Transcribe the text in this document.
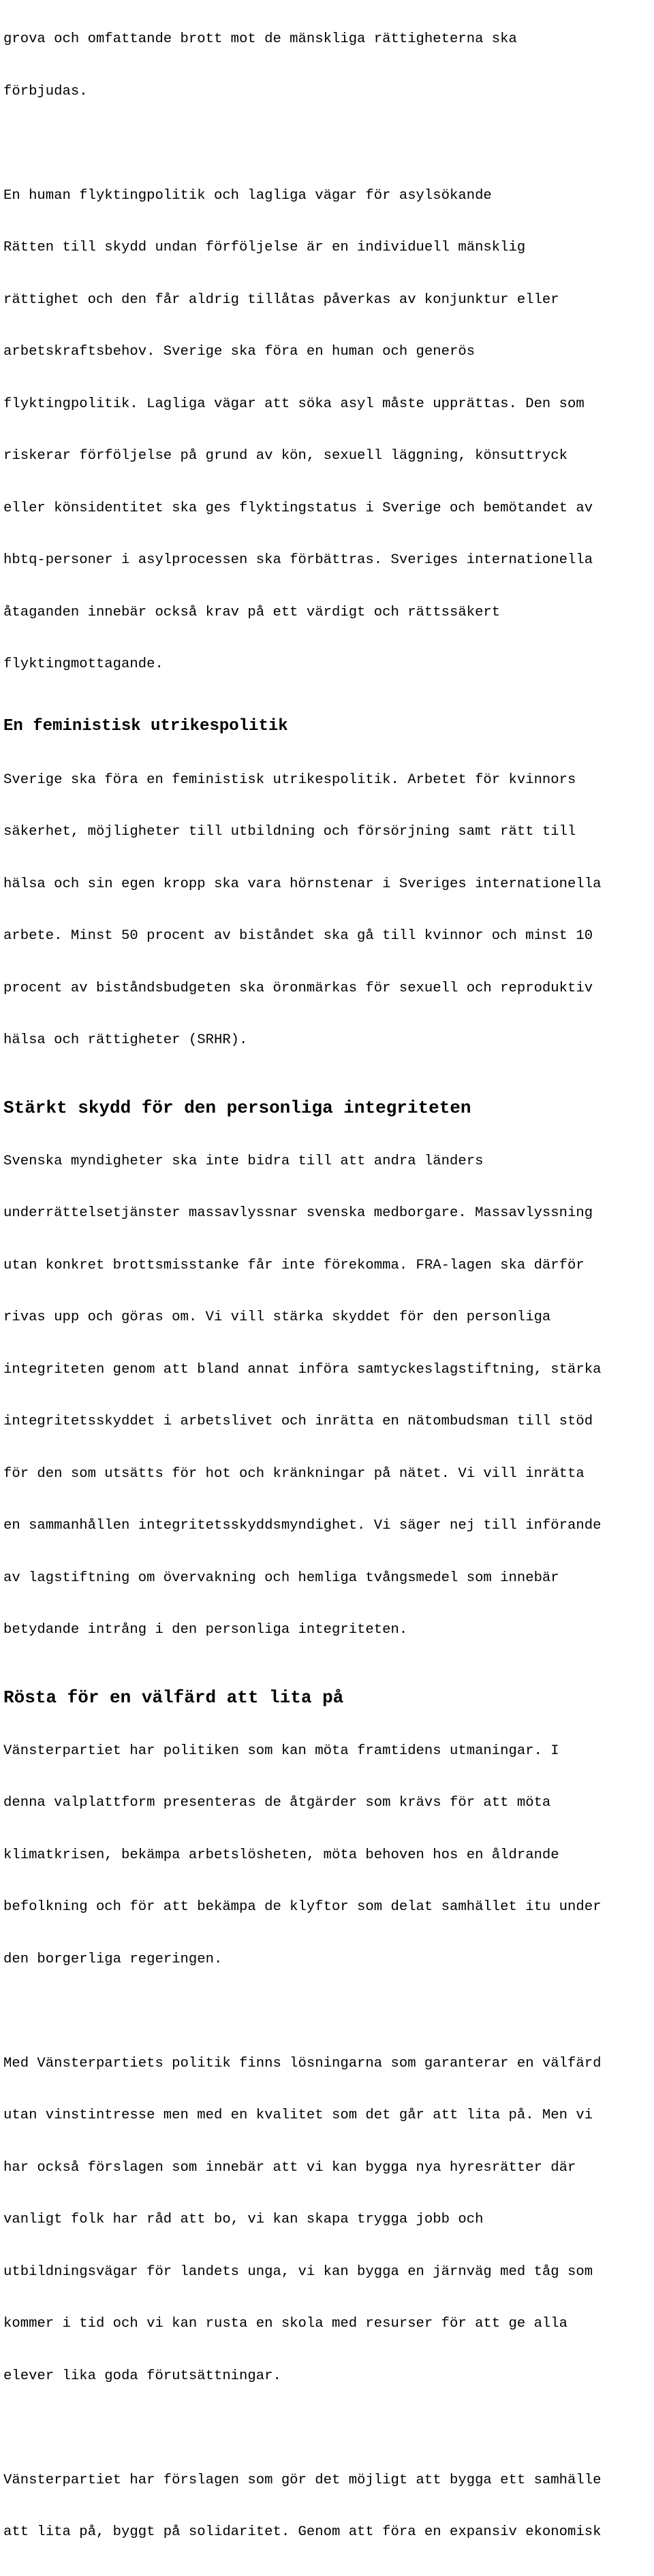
grova och omfattande brott mot de mänskliga rättigheterna ska

förbjudas.

En human flyktingpolitik och lagliga vägar för asylsökande

Rätten till skydd undan förföljelse är en individuell mänsklig

rättighet och den får aldrig tillåtas påverkas av konjunktur eller

arbetskraftsbehov. Sverige ska föra en human och generös

flyktingpolitik. Lagliga vägar att söka asyl måste upprättas. Den som

riskerar förföljelse på grund av kön, sexuell läggning, könsuttryck

eller könsidentitet ska ges flyktingstatus i Sverige och bemötandet av

hbtq-personer i asylprocessen ska förbättras. Sveriges internationella

åtaganden innebär också krav på ett värdigt och rättssäkert

flyktingmottagande.

En feministisk utrikespolitik

Sverige ska föra en feministisk utrikespolitik. Arbetet för kvinnors

säkerhet, möjligheter till utbildning och försörjning samt rätt till

hälsa och sin egen kropp ska vara hörnstenar i Sveriges internationella

arbete. Minst 50 procent av biståndet ska gå till kvinnor och minst 10

procent av biståndsbudgeten ska öronmärkas för sexuell och reproduktiv

hälsa och rättigheter (SRHR).

Stärkt skydd för den personliga integriteten

Svenska myndigheter ska inte bidra till att andra länders

underrättelsetjänster massavlyssnar svenska medborgare. Massavlyssning

utan konkret brottsmisstanke får inte förekomma. FRA-lagen ska därför

rivas upp och göras om. Vi vill stärka skyddet för den personliga

integriteten genom att bland annat införa samtyckeslagstiftning, stärka

integritetsskyddet i arbetslivet och inrätta en nätombudsman till stöd

för den som utsätts för hot och kränkningar på nätet. Vi vill inrätta

en sammanhållen integritetsskyddsmyndighet. Vi säger nej till införande

av lagstiftning om övervakning och hemliga tvångsmedel som innebär

betydande intrång i den personliga integriteten.

Rösta för en välfärd att lita på

Vänsterpartiet har politiken som kan möta framtidens utmaningar. I

denna valplattform presenteras de åtgärder som krävs för att möta

klimatkrisen, bekämpa arbetslösheten, möta behoven hos en åldrande

befolkning och för att bekämpa de klyftor som delat samhället itu under

den borgerliga regeringen.

Med Vänsterpartiets politik finns lösningarna som garanterar en välfärd

utan vinstintresse men med en kvalitet som det går att lita på. Men vi

har också förslagen som innebär att vi kan bygga nya hyresrätter där

vanligt folk har råd att bo, vi kan skapa trygga jobb och

utbildningsvägar för landets unga, vi kan bygga en järnväg med tåg som

kommer i tid och vi kan rusta en skola med resurser för att ge alla

elever lika goda förutsättningar.

Vänsterpartiet har förslagen som gör det möjligt att bygga ett samhälle

att lita på, byggt på solidaritet. Genom att föra en expansiv ekonomisk
